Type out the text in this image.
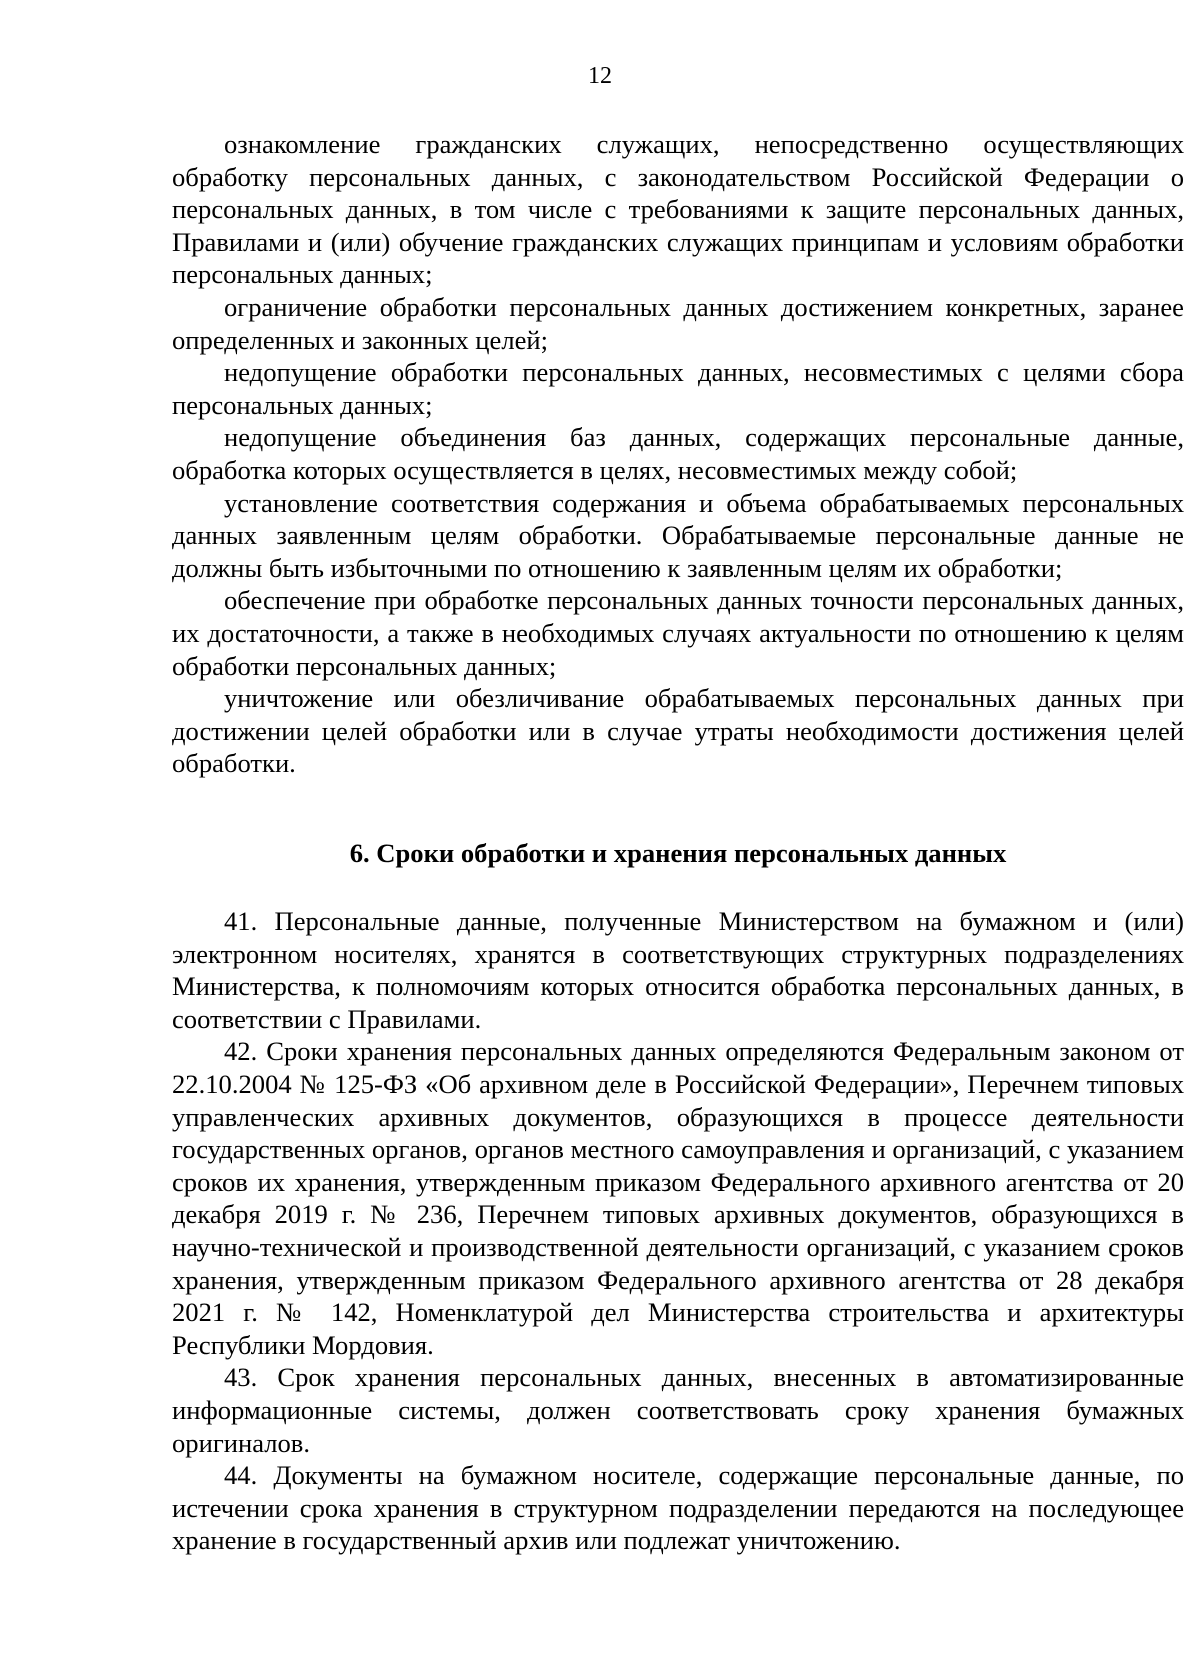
12

ознакомление гражданских служащих, непосредственно осуществляющих обработку персональных данных, с законодательством Российской Федерации о персональных данных, в том числе с требованиями к защите персональных данных, Правилами и (или) обучение гражданских служащих принципам и условиям обработки персональных данных;

ограничение обработки персональных данных достижением конкретных, заранее определенных и законных целей;

недопущение обработки персональных данных, несовместимых с целями сбора персональных данных;

недопущение объединения баз данных, содержащих персональные данные, обработка которых осуществляется в целях, несовместимых между собой;

установление соответствия содержания и объема обрабатываемых персональных данных заявленным целям обработки. Обрабатываемые персональные данные не должны быть избыточными по отношению к заявленным целям их обработки;

обеспечение при обработке персональных данных точности персональных данных, их достаточности, а также в необходимых случаях актуальности по отношению к целям обработки персональных данных;

уничтожение или обезличивание обрабатываемых персональных данных при достижении целей обработки или в случае утраты необходимости достижения целей обработки.

6. Сроки обработки и хранения персональных данных

41. Персональные данные, полученные Министерством на бумажном и (или) электронном носителях, хранятся в соответствующих структурных подразделениях Министерства, к полномочиям которых относится обработка персональных данных, в соответствии с Правилами.

42. Сроки хранения персональных данных определяются Федеральным законом от 22.10.2004 № 125-ФЗ «Об архивном деле в Российской Федерации», Перечнем типовых управленческих архивных документов, образующихся в процессе деятельности государственных органов, органов местного самоуправления и организаций, с указанием сроков их хранения, утвержденным приказом Федерального архивного агентства от 20 декабря 2019 г. № 236, Перечнем типовых архивных документов, образующихся в научно-технической и производственной деятельности организаций, с указанием сроков хранения, утвержденным приказом Федерального архивного агентства от 28 декабря 2021 г. № 142, Номенклатурой дел Министерства строительства и архитектуры Республики Мордовия.

43. Срок хранения персональных данных, внесенных в автоматизированные информационные системы, должен соответствовать сроку хранения бумажных оригиналов.

44. Документы на бумажном носителе, содержащие персональные данные, по истечении срока хранения в структурном подразделении передаются на последующее хранение в государственный архив или подлежат уничтожению.
